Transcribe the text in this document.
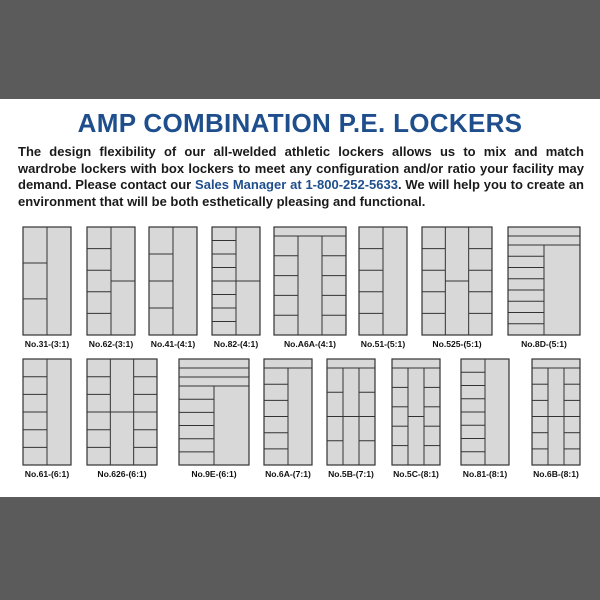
AMP COMBINATION P.E. LOCKERS
The design flexibility of our all-welded athletic lockers allows us to mix and match wardrobe lockers with box lockers to meet any configuration and/or ratio your facility may demand. Please contact our Sales Manager at 1-800-252-5633. We will help you to create an environment that will be both esthetically pleasing and functional.
No.31-(3:1)	No.62-(3:1)	No.41-(4:1)	No.82-(4:1)	No.A6A-(4:1)	No.51-(5:1)	No.525-(5:1)	No.8D-(5:1)
No.61-(6:1)	No.626-(6:1)	No.9E-(6:1)	No.6A-(7:1)	No.5B-(7:1)	No.5C-(8:1)	No.81-(8:1)	No.6B-(8:1)
